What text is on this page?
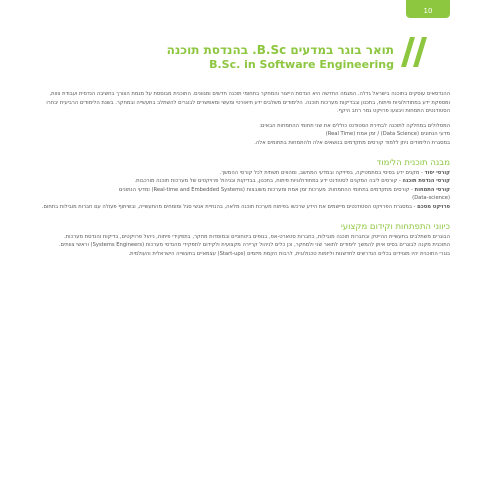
10

תואר בוגר במדעים B.Sc. בהנדסת תוכנה

B.Sc. in Software Engineering

ההנדסאים עוסקים בתוכנה בישראל גדלה. המגמה החדשה היא הנדסת הייצור והמחקר בתחומי תוכנה חדשים ומגוונים. התוכנית מבוססת על מגמת הצורך בחשיבה הנדסית ועבודת צוות, ומספקת ידע במתודולוגיות פיתוח, בתכנון ובבדיקות מערכות תוכנה. הלימודים משלבים ידע תיאורטי ומעשי ומאפשרים לבוגרים להשתלב בתעשייה ובמחקר. בשנת הלימודים הרביעית יבחרו הסטודנטים התמחות ויבצעו פרויקט גמר רחב היקף.

המסלולים במחלקה לתוכנה לבחירת הסטודנט כוללים את שני תחומי ההתמחות הבאים:

מדעי הנתונים (Data Science) / זמן אמת (Real Time)

במסגרת הלימודים ניתן ללמוד קורסים מתקדמים בנושאים אלה ולהתמחות בתחומים אלה.

מבנה תוכנית הלימוד

קורסי יסוד - מקנים ידע בסיסי במתמטיקה, בפיזיקה ובמדעי המחשב, ומהווים תשתית לכל קורסי ההמשך.

קורסי הנדסת תוכנה - קורסים ליבה המקנים לסטודנט ידע במתודולוגיות פיתוח, בתכנון, בבדיקות ובניהול פרויקטים של מערכות תוכנה מורכבות.

קורסי התמחות - קורסים מתקדמים בתחומי ההתמחות: מערכות זמן אמת ומערכות משובצות (Real-time and Embedded Systems) ומדעי הנתונים

(Data-science)

פרויקט מסכם - במסגרת הפרויקט הסטודנטים מיישמים את הידע שרכשו בפיתוח מערכת תוכנה מלאה, בהנחיית אנשי סגל ומומחים מהתעשייה, ובשיתוף פעולה עם חברות מובילות בתחום.

כיווני התפתחות וקידום מקצועי

הבוגרים משתלבים בתעשיית ההייטק ובחברות תוכנה מובילות, בחברות סטארט-אפ, בגופים ביטחוניים ובמוסדות מחקר, בתפקידי פיתוח, ניהול פרויקטים, בדיקות והנדסת מערכות.

התוכנית מקנה לבוגרים בסיס איתן להמשך לימודים לתואר שני ולמחקר, וכן כלים לניהול קריירה מקצועית ולקידום לתפקידי מהנדסי מערכות (Systems Engineers) וראשי צוותים.

בוגרי התוכנית יהיו מצוידים בכלים הנדרשים לחדשנות וליזמות טכנולוגית, לרבות הקמת מיזמים (Start-ups) עצמאיים בתעשייה הישראלית והעולמית.
